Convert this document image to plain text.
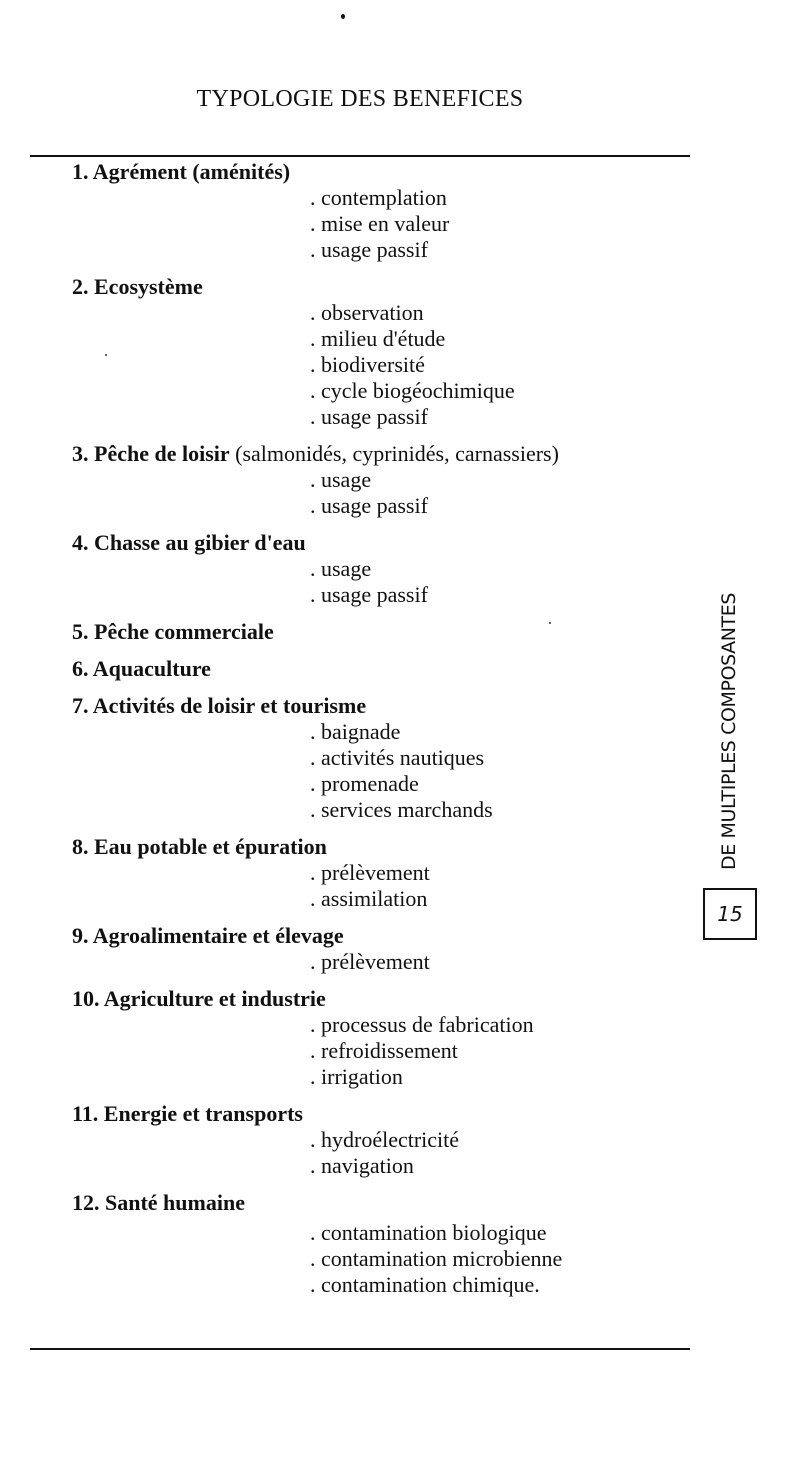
TYPOLOGIE DES BENEFICES
1. Agrément (aménités)
. contemplation
. mise en valeur
. usage passif
2. Ecosystème
. observation
. milieu d'étude
. biodiversité
. cycle biogéochimique
. usage passif
3. Pêche de loisir (salmonidés, cyprinidés, carnassiers)
. usage
. usage passif
4. Chasse au gibier d'eau
. usage
. usage passif
5. Pêche commerciale
6. Aquaculture
7. Activités de loisir et tourisme
. baignade
. activités nautiques
. promenade
. services marchands
8. Eau potable et épuration
. prélèvement
. assimilation
9. Agroalimentaire et élevage
. prélèvement
10. Agriculture et industrie
. processus de fabrication
. refroidissement
. irrigation
11. Energie et transports
. hydroélectricité
. navigation
12. Santé humaine
. contamination biologique
. contamination microbienne
. contamination chimique.
DE MULTIPLES COMPOSANTES
15
